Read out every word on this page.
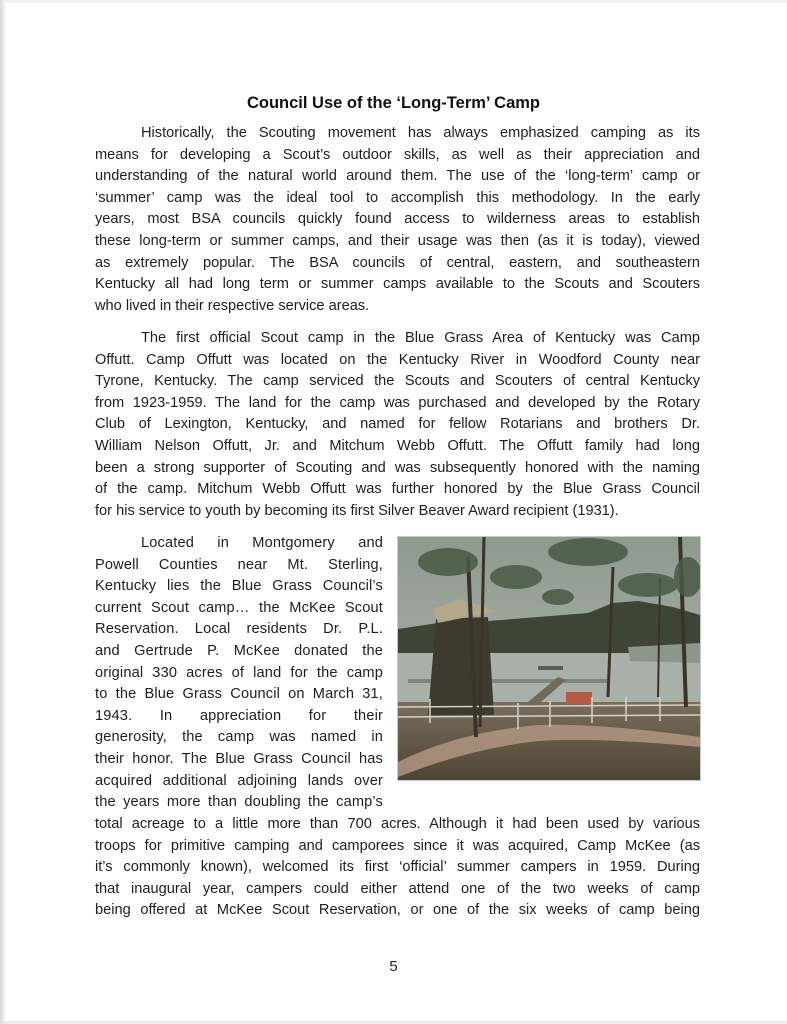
Council Use of the ‘Long-Term’ Camp
Historically, the Scouting movement has always emphasized camping as its
means for developing a Scout’s outdoor skills, as well as their appreciation and
understanding of the natural world around them. The use of the ‘long-term’ camp or
‘summer’ camp was the ideal tool to accomplish this methodology. In the early
years, most BSA councils quickly found access to wilderness areas to establish
these long-term or summer camps, and their usage was then (as it is today), viewed
as extremely popular. The BSA councils of central, eastern, and southeastern
Kentucky all had long term or summer camps available to the Scouts and Scouters
who lived in their respective service areas.
The first official Scout camp in the Blue Grass Area of Kentucky was Camp
Offutt. Camp Offutt was located on the Kentucky River in Woodford County near
Tyrone, Kentucky. The camp serviced the Scouts and Scouters of central Kentucky
from 1923-1959. The land for the camp was purchased and developed by the Rotary
Club of Lexington, Kentucky, and named for fellow Rotarians and brothers Dr.
William Nelson Offutt, Jr. and Mitchum Webb Offutt. The Offutt family had long
been a strong supporter of Scouting and was subsequently honored with the naming
of the camp. Mitchum Webb Offutt was further honored by the Blue Grass Council
for his service to youth by becoming its first Silver Beaver Award recipient (1931).
Located in Montgomery and
Powell Counties near Mt. Sterling,
Kentucky lies the Blue Grass Council’s
current Scout camp… the McKee Scout
Reservation. Local residents Dr. P.L.
and Gertrude P. McKee donated the
original 330 acres of land for the camp
to the Blue Grass Council on March 31,
1943. In appreciation for their
generosity, the camp was named in
their honor. The Blue Grass Council has
acquired additional adjoining lands over
the years more than doubling the camp’s
total acreage to a little more than 700 acres. Although it had been used by various
troops for primitive camping and camporees since it was acquired, Camp McKee (as
it’s commonly known), welcomed its first ‘official’ summer campers in 1959. During
that inaugural year, campers could either attend one of the two weeks of camp
being offered at McKee Scout Reservation, or one of the six weeks of camp being
5
